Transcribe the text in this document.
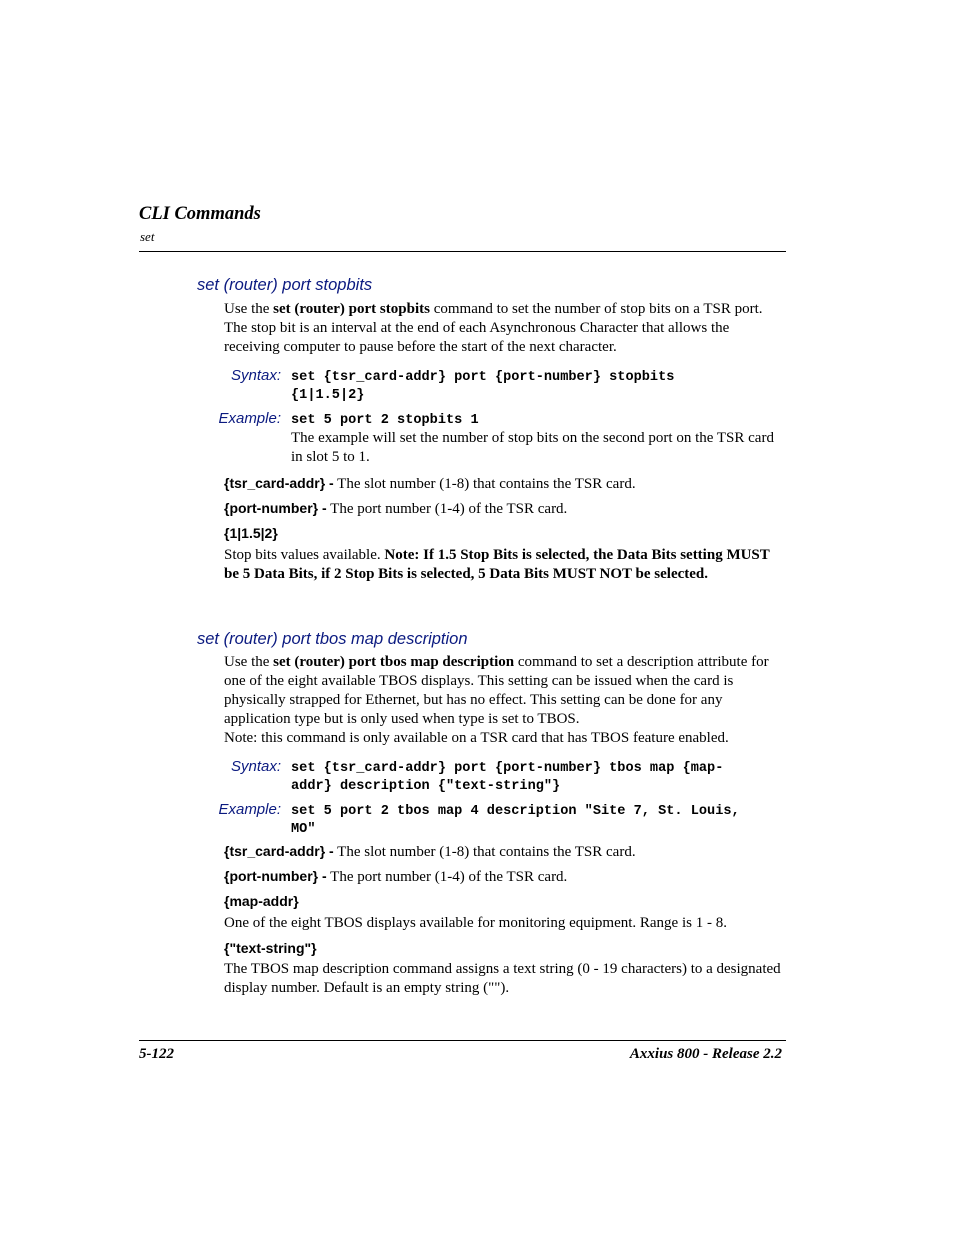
CLI Commands
set
set (router) port stopbits
Use the set (router) port stopbits command to set the number of stop bits on a TSR port. The stop bit is an interval at the end of each Asynchronous Character that allows the receiving computer to pause before the start of the next character.
Syntax: set {tsr_card-addr} port {port-number} stopbits
{1|1.5|2}
Example: set 5 port 2 stopbits 1
The example will set the number of stop bits on the second port on the TSR card in slot 5 to 1.
{tsr_card-addr} - The slot number (1-8) that contains the TSR card.
{port-number} - The port number (1-4) of the TSR card.
{1|1.5|2}
Stop bits values available. Note: If 1.5 Stop Bits is selected, the Data Bits setting MUST be 5 Data Bits, if 2 Stop Bits is selected, 5 Data Bits MUST NOT be selected.
set (router) port tbos map description
Use the set (router) port tbos map description command to set a description attribute for one of the eight available TBOS displays. This setting can be issued when the card is physically strapped for Ethernet, but has no effect. This setting can be done for any application type but is only used when type is set to TBOS.
Note: this command is only available on a TSR card that has TBOS feature enabled.
Syntax: set {tsr_card-addr} port {port-number} tbos map {map-
addr} description {"text-string"}
Example: set 5 port 2 tbos map 4 description "Site 7, St. Louis,
MO"
{tsr_card-addr} - The slot number (1-8) that contains the TSR card.
{port-number} - The port number (1-4) of the TSR card.
{map-addr}
One of the eight TBOS displays available for monitoring equipment. Range is 1 - 8.
{"text-string"}
The TBOS map description command assigns a text string (0 - 19 characters) to a designated display number. Default is an empty string ("").
5-122	Axxius 800 - Release 2.2
